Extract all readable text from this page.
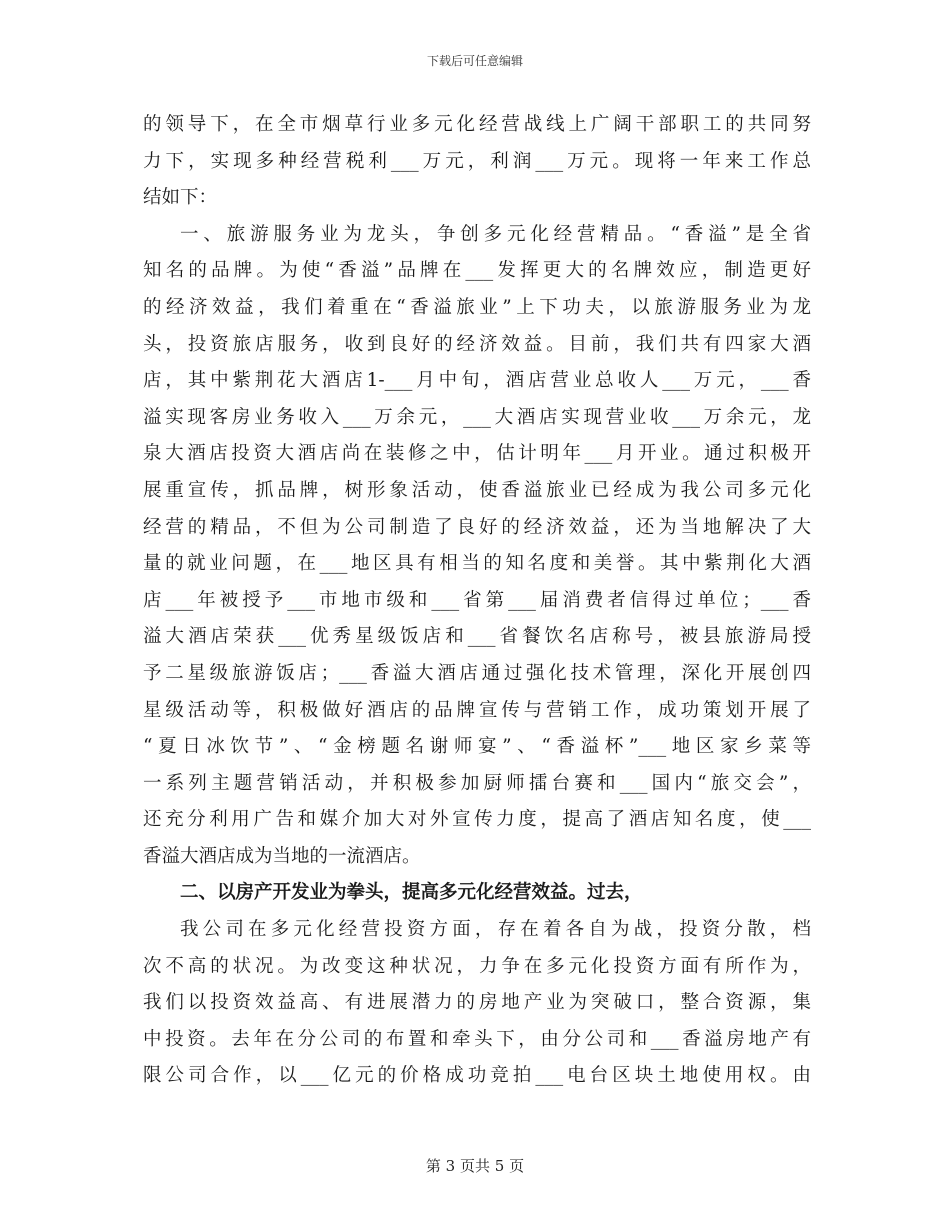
下载后可任意编辑
的领导下，在全市烟草行业多元化经营战线上广阔干部职工的共同努
力下，实现多种经营税利___万元，利润___万元。现将一年来工作总
结如下：
一、旅游服务业为龙头，争创多元化经营精品。“香溢”是全省
知名的品牌。为使“香溢”品牌在___发挥更大的名牌效应，制造更好
的经济效益，我们着重在“香溢旅业”上下功夫，以旅游服务业为龙
头，投资旅店服务，收到良好的经济效益。目前，我们共有四家大酒
店，其中紫荆花大酒店1-___月中旬，酒店营业总收人___万元，___香
溢实现客房业务收入___万余元，___大酒店实现营业收___万余元，龙
泉大酒店投资大酒店尚在装修之中，估计明年___月开业。通过积极开
展重宣传，抓品牌，树形象活动，使香溢旅业已经成为我公司多元化
经营的精品，不但为公司制造了良好的经济效益，还为当地解决了大
量的就业问题，在___地区具有相当的知名度和美誉。其中紫荆化大酒
店___年被授予___市地市级和___省第___届消费者信得过单位；___香
溢大酒店荣获___优秀星级饭店和___省餐饮名店称号，被县旅游局授
予二星级旅游饭店；___香溢大酒店通过强化技术管理，深化开展创四
星级活动等，积极做好酒店的品牌宣传与营销工作，成功策划开展了
“夏日冰饮节”、“金榜题名谢师宴”、“香溢杯”___地区家乡菜等
一系列主题营销活动，并积极参加厨师擂台赛和___国内“旅交会”，
还充分利用广告和媒介加大对外宣传力度，提高了酒店知名度，使___
香溢大酒店成为当地的一流酒店。
二、以房产开发业为拳头，提高多元化经营效益。过去，
我公司在多元化经营投资方面，存在着各自为战，投资分散，档
次不高的状况。为改变这种状况，力争在多元化投资方面有所作为，
我们以投资效益高、有进展潜力的房地产业为突破口，整合资源，集
中投资。去年在分公司的布置和牵头下，由分公司和___香溢房地产有
限公司合作，以___亿元的价格成功竞拍___电台区块土地使用权。由
第 3 页共 5 页
